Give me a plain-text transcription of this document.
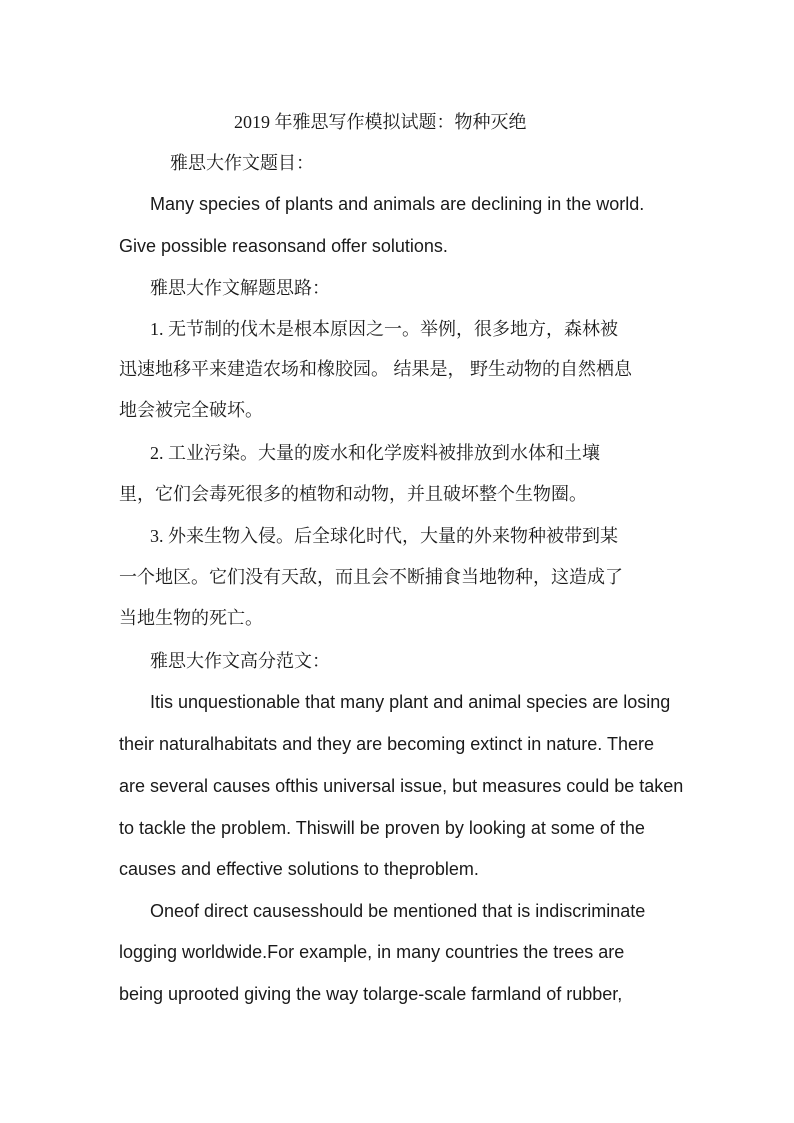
2019 年雅思写作模拟试题：物种灭绝
雅思大作文题目：
Many species of plants and animals are declining in the world.
Give possible reasonsand offer solutions.
雅思大作文解题思路：
1. 无节制的伐木是根本原因之一。举例，很多地方，森林被
迅速地移平来建造农场和橡胶园。 结果是， 野生动物的自然栖息
地会被完全破坏。
2. 工业污染。大量的废水和化学废料被排放到水体和土壤
里，它们会毒死很多的植物和动物，并且破坏整个生物圈。
3. 外来生物入侵。后全球化时代，大量的外来物种被带到某
一个地区。它们没有天敌，而且会不断捕食当地物种，这造成了
当地生物的死亡。
雅思大作文高分范文：
Itis unquestionable that many plant and animal species are losing
their naturalhabitats and they are becoming extinct in nature. There
are several causes ofthis universal issue, but measures could be taken
to tackle the problem. Thiswill be proven by looking at some of the
causes and effective solutions to theproblem.
Oneof direct causesshould be mentioned that is indiscriminate
logging worldwide.For example, in many countries the trees are
being uprooted giving the way tolarge-scale farmland of rubber,
